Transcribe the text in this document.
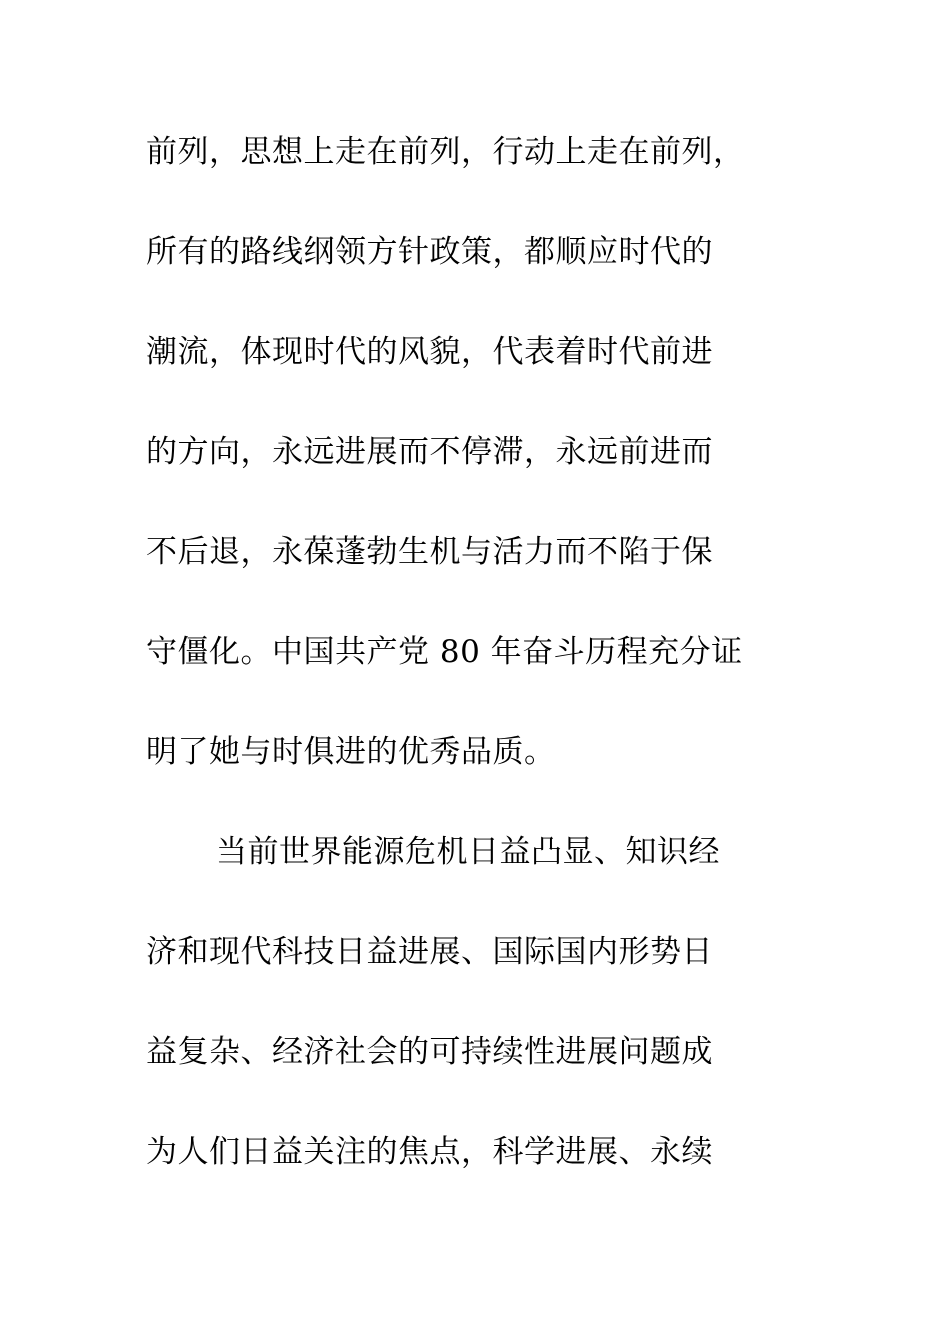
前列，思想上走在前列，行动上走在前列，
所有的路线纲领方针政策，都顺应时代的
潮流，体现时代的风貌，代表着时代前进
的方向，永远进展而不停滞，永远前进而
不后退，永葆蓬勃生机与活力而不陷于保
守僵化。中国共产党 80 年奋斗历程充分证
明了她与时俱进的优秀品质。
当前世界能源危机日益凸显、知识经
济和现代科技日益进展、国际国内形势日
益复杂、经济社会的可持续性进展问题成
为人们日益关注的焦点，科学进展、永续
